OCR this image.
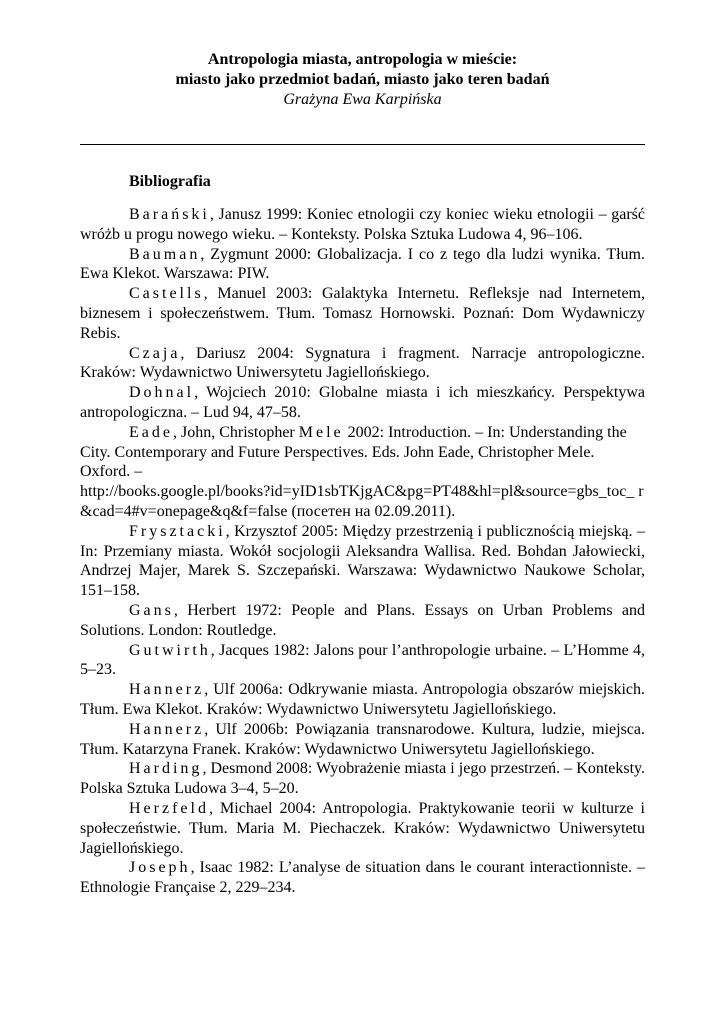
Antropologia miasta, antropologia w mieście:
miasto jako przedmiot badań, miasto jako teren badań
Grażyna Ewa Karpińska
Bibliografia

Barański, Janusz 1999: Koniec etnologii czy koniec wieku etnologii – garść wróżb u progu nowego wieku. – Konteksty. Polska Sztuka Ludowa 4, 96–106.

Bauman, Zygmunt 2000: Globalizacja. I co z tego dla ludzi wynika. Tłum. Ewa Klekot. Warszawa: PIW.

Castells, Manuel 2003: Galaktyka Internetu. Refleksje nad Internetem, biznesem i społeczeństwem. Tłum. Tomasz Hornowski. Poznań: Dom Wydawniczy Rebis.

Czaja, Dariusz 2004: Sygnatura i fragment. Narracje antropologiczne. Kraków: Wydawnictwo Uniwersytetu Jagiellońskiego.

Dohnal, Wojciech 2010: Globalne miasta i ich mieszkańcy. Perspektywa antropologiczna. – Lud 94, 47–58.

Eade, John, Christopher Mele 2002: Introduction. – In: Understanding the City. Contemporary and Future Perspectives. Eds. John Eade, Christopher Mele. Oxford. –
http://books.google.pl/books?id=yID1sbTKjgAC&pg=PT48&hl=pl&source=gbs_toc_ r&cad=4#v=onepage&q&f=false (посетен на 02.09.2011).

Frysztacki, Krzysztof 2005: Między przestrzenią i publicznością miejską. – In: Przemiany miasta. Wokół socjologii Aleksandra Wallisa. Red. Bohdan Jałowiecki, Andrzej Majer, Marek S. Szczepański. Warszawa: Wydawnictwo Naukowe Scholar, 151–158.

Gans, Herbert 1972: People and Plans. Essays on Urban Problems and Solutions. London: Routledge.

Gutwirth, Jacques 1982: Jalons pour l’anthropologie urbaine. – L’Homme 4, 5–23.

Hannerz, Ulf 2006a: Odkrywanie miasta. Antropologia obszarów miejskich. Tłum. Ewa Klekot. Kraków: Wydawnictwo Uniwersytetu Jagiellońskiego.

Hannerz, Ulf 2006b: Powiązania transnarodowe. Kultura, ludzie, miejsca. Tłum. Katarzyna Franek. Kraków: Wydawnictwo Uniwersytetu Jagiellońskiego.

Harding, Desmond 2008: Wyobrażenie miasta i jego przestrzeń. – Konteksty. Polska Sztuka Ludowa 3–4, 5–20.

Herzfeld, Michael 2004: Antropologia. Praktykowanie teorii w kulturze i społeczeństwie. Tłum. Maria M. Piechaczek. Kraków: Wydawnictwo Uniwersytetu Jagiellońskiego.

Joseph, Isaac 1982: L’analyse de situation dans le courant interactionniste. – Ethnologie Française 2, 229–234.
